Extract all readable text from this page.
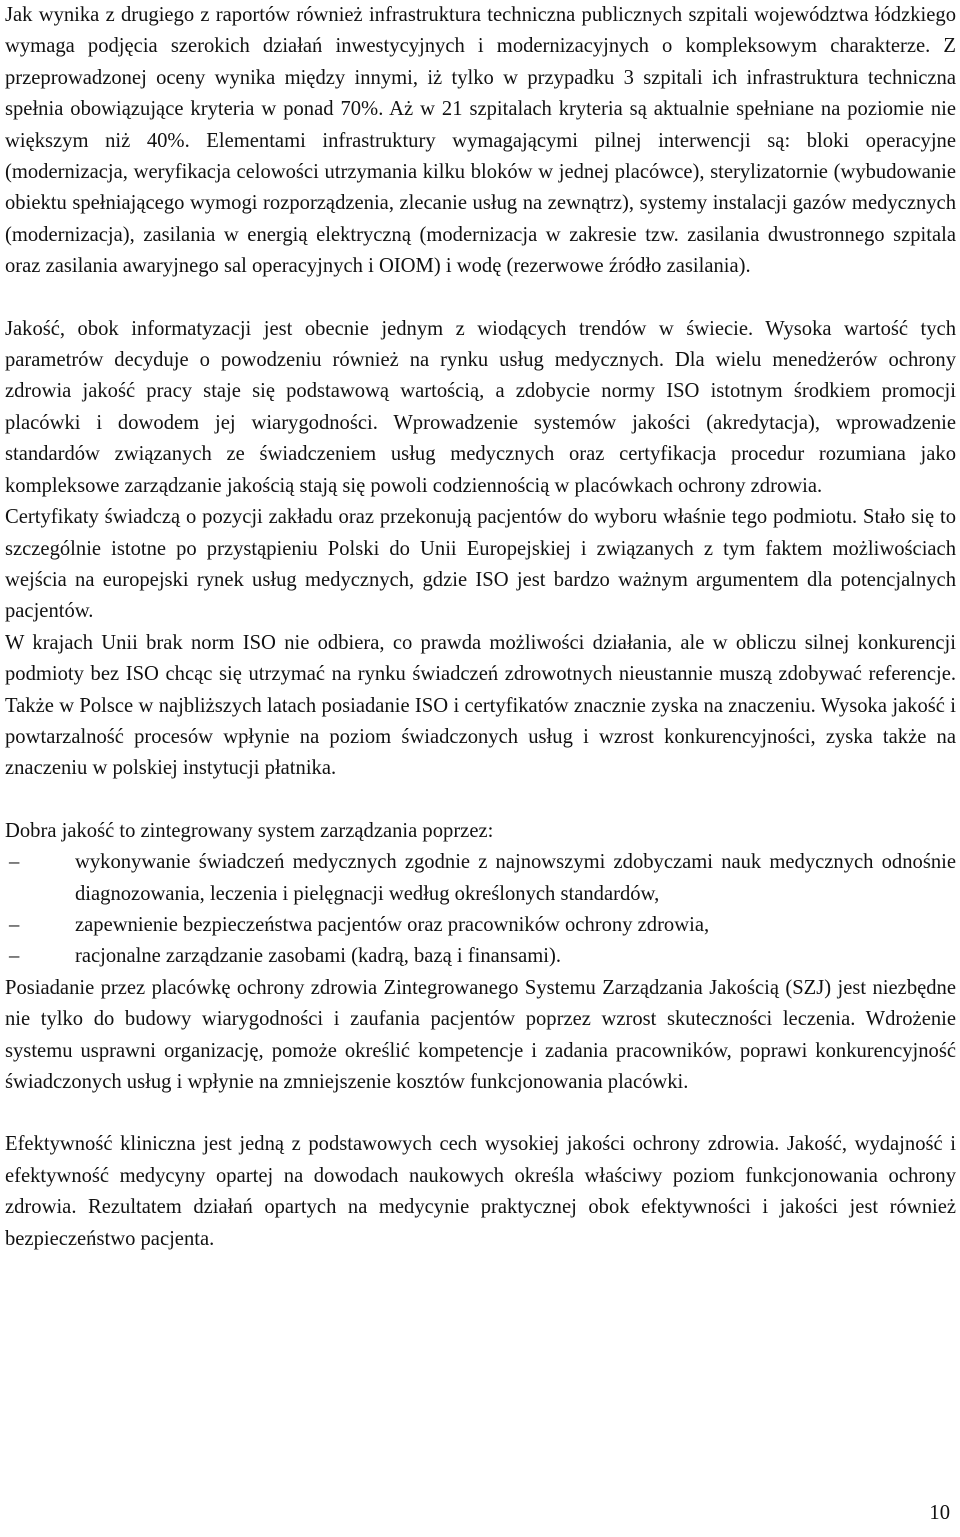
Jak wynika z drugiego z raportów również infrastruktura techniczna publicznych szpitali województwa łódzkiego wymaga podjęcia szerokich działań inwestycyjnych i modernizacyjnych o kompleksowym charakterze. Z przeprowadzonej oceny wynika między innymi, iż tylko w przypadku 3 szpitali ich infrastruktura techniczna spełnia obowiązujące kryteria w ponad 70%. Aż w 21 szpitalach kryteria są aktualnie spełniane na poziomie nie większym niż 40%. Elementami infrastruktury wymagającymi pilnej interwencji są: bloki operacyjne (modernizacja, weryfikacja celowości utrzymania kilku bloków w jednej placówce), sterylizatornie (wybudowanie obiektu spełniającego wymogi rozporządzenia, zlecanie usług na zewnątrz), systemy instalacji gazów medycznych (modernizacja), zasilania w energią elektryczną (modernizacja w zakresie tzw. zasilania dwustronnego szpitala oraz zasilania awaryjnego sal operacyjnych i OIOM) i wodę (rezerwowe źródło zasilania).

Jakość, obok informatyzacji jest obecnie jednym z wiodących trendów w świecie. Wysoka wartość tych parametrów decyduje o powodzeniu również na rynku usług medycznych. Dla wielu menedżerów ochrony zdrowia jakość pracy staje się podstawową wartością, a zdobycie normy ISO istotnym środkiem promocji placówki i dowodem jej wiarygodności. Wprowadzenie systemów jakości (akredytacja), wprowadzenie standardów związanych ze świadczeniem usług medycznych oraz certyfikacja procedur rozumiana jako kompleksowe zarządzanie jakością stają się powoli codziennością w placówkach ochrony zdrowia.

Certyfikaty świadczą o pozycji zakładu oraz przekonują pacjentów do wyboru właśnie tego podmiotu. Stało się to szczególnie istotne po przystąpieniu Polski do Unii Europejskiej i związanych z tym faktem możliwościach wejścia na europejski rynek usług medycznych, gdzie ISO jest bardzo ważnym argumentem dla potencjalnych pacjentów.

W krajach Unii brak norm ISO nie odbiera, co prawda możliwości działania, ale w obliczu silnej konkurencji podmioty bez ISO chcąc się utrzymać na rynku świadczeń zdrowotnych nieustannie muszą zdobywać referencje. Także w Polsce w najbliższych latach posiadanie ISO i certyfikatów znacznie zyska na znaczeniu. Wysoka jakość i powtarzalność procesów wpłynie na poziom świadczonych usług i wzrost konkurencyjności, zyska także na znaczeniu w polskiej instytucji płatnika.

Dobra jakość to zintegrowany system zarządzania poprzez:

–	wykonywanie świadczeń medycznych zgodnie z najnowszymi zdobyczami nauk medycznych odnośnie diagnozowania, leczenia i pielęgnacji według określonych standardów,
–	zapewnienie bezpieczeństwa pacjentów oraz pracowników ochrony zdrowia,
–	racjonalne zarządzanie zasobami (kadrą, bazą i finansami).

Posiadanie przez placówkę ochrony zdrowia Zintegrowanego Systemu Zarządzania Jakością (SZJ) jest niezbędne nie tylko do budowy wiarygodności i zaufania pacjentów poprzez wzrost skuteczności leczenia. Wdrożenie systemu usprawni organizację, pomoże określić kompetencje i zadania pracowników, poprawi konkurencyjność świadczonych usług i wpłynie na zmniejszenie kosztów funkcjonowania placówki.

Efektywność kliniczna jest jedną z podstawowych cech wysokiej jakości ochrony zdrowia. Jakość, wydajność i efektywność medycyny opartej na dowodach naukowych określa właściwy poziom funkcjonowania ochrony zdrowia. Rezultatem działań opartych na medycynie praktycznej obok efektywności i jakości jest również bezpieczeństwo pacjenta.

10
